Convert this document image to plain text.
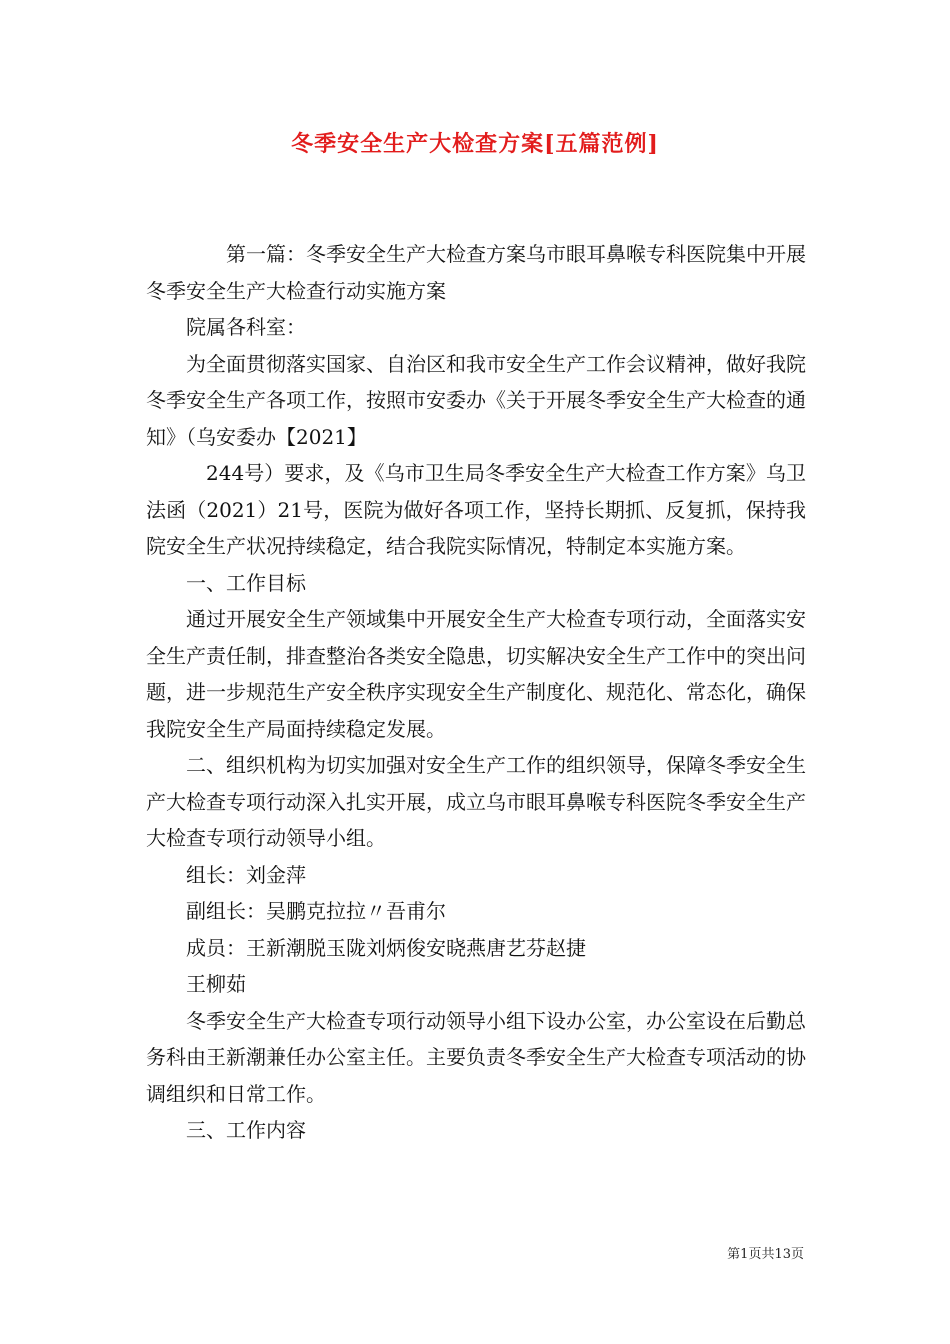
冬季安全生产大检查方案[五篇范例]

第一篇：冬季安全生产大检查方案乌市眼耳鼻喉专科医院集中开展冬季安全生产大检查行动实施方案

院属各科室：

为全面贯彻落实国家、自治区和我市安全生产工作会议精神，做好我院冬季安全生产各项工作，按照市安委办《关于开展冬季安全生产大检查的通知》（乌安委办【2021】

244号）要求，及《乌市卫生局冬季安全生产大检查工作方案》乌卫法函（2021）21号，医院为做好各项工作，坚持长期抓、反复抓，保持我院安全生产状况持续稳定，结合我院实际情况，特制定本实施方案。

一、工作目标

通过开展安全生产领域集中开展安全生产大检查专项行动，全面落实安全生产责任制，排查整治各类安全隐患，切实解决安全生产工作中的突出问题，进一步规范生产安全秩序实现安全生产制度化、规范化、常态化，确保我院安全生产局面持续稳定发展。

二、组织机构为切实加强对安全生产工作的组织领导，保障冬季安全生产大检查专项行动深入扎实开展，成立乌市眼耳鼻喉专科医院冬季安全生产大检查专项行动领导小组。

组长：刘金萍

副组长：吴鹏克拉拉〃吾甫尔

成员：王新潮脱玉陇刘炳俊安晓燕唐艺芬赵捷

王柳茹

冬季安全生产大检查专项行动领导小组下设办公室，办公室设在后勤总务科由王新潮兼任办公室主任。主要负责冬季安全生产大检查专项活动的协调组织和日常工作。

三、工作内容

第1页共13页
